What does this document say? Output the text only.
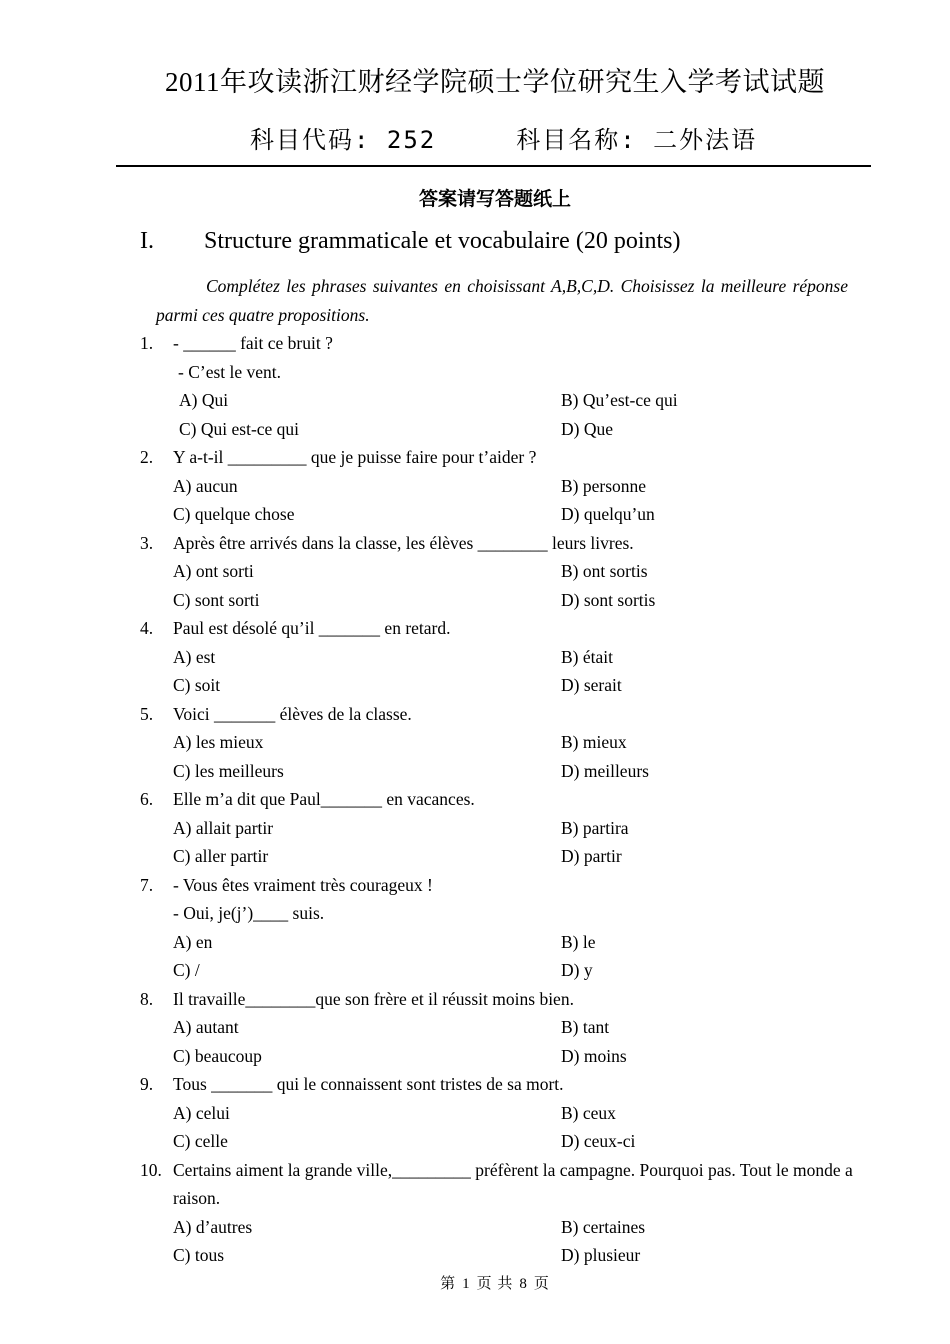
2011年攻读浙江财经学院硕士学位研究生入学考试试题
科目代码: 252	科目名称: 二外法语
答案请写答题纸上
I. Structure grammaticale et vocabulaire (20 points)
Complétez les phrases suivantes en choisissant A,B,C,D. Choisissez la meilleure réponse parmi ces quatre propositions.
1.	- ______ fait ce bruit ?
- C’est le vent.
A) Qui	B) Qu’est-ce qui
C) Qui est-ce qui	D) Que
2.	Y a-t-il _________ que je puisse faire pour t’aider ?
A) aucun	B) personne
C) quelque chose	D) quelqu’un
3.	Après être arrivés dans la classe, les élèves ________ leurs livres.
A) ont sorti	B) ont sortis
C) sont sorti	D) sont sortis
4.	Paul est désolé qu’il _______ en retard.
A) est	B) était
C) soit	D) serait
5.	Voici _______ élèves de la classe.
A) les mieux	B) mieux
C) les meilleurs	D) meilleurs
6.	Elle m’a dit que Paul_______ en vacances.
A) allait partir	B) partira
C) aller partir	D) partir
7.	- Vous êtes vraiment très courageux !
- Oui, je(j’)____ suis.
A) en	B) le
C) /	D) y
8.	Il travaille________que son frère et il réussit moins bien.
A) autant	B) tant
C) beaucoup	D) moins
9.	Tous _______ qui le connaissent sont tristes de sa mort.
A) celui	B) ceux
C) celle	D) ceux-ci
10. Certains aiment la grande ville,_________ préfèrent la campagne. Pourquoi pas. Tout le monde a raison.
A) d’autres	B) certaines
C) tous	D) plusieur
第 1 页 共 8 页
